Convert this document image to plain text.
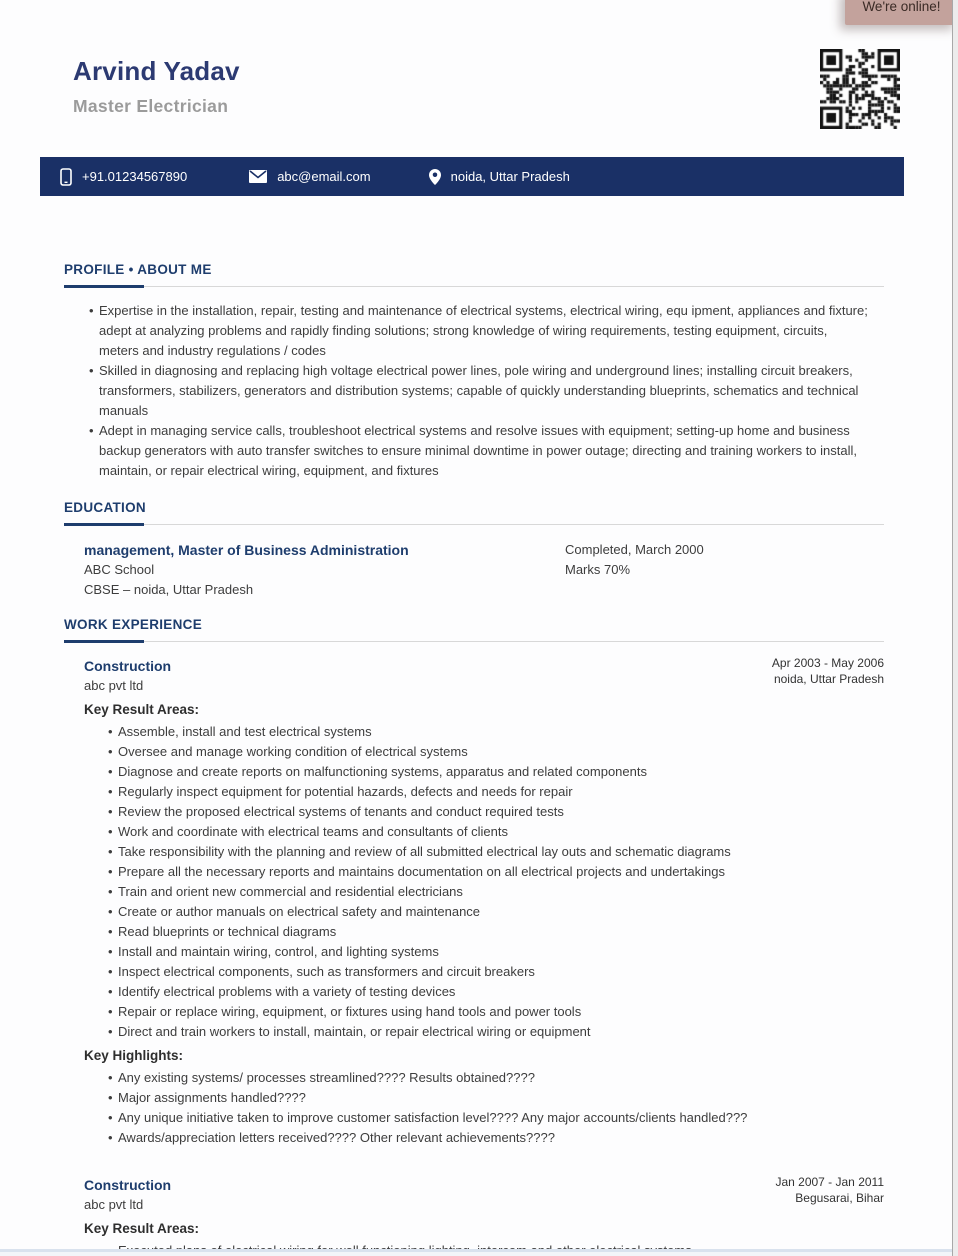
We're online!
Arvind Yadav
Master Electrician
+91.01234567890	abc@email.com	noida, Uttar Pradesh
PROFILE • ABOUT ME
• Expertise in the installation, repair, testing and maintenance of electrical systems, electrical wiring, equ ipment, appliances and fixture; adept at analyzing problems and rapidly finding solutions; strong knowledge of wiring requirements, testing equipment, circuits, meters and industry regulations / codes
• Skilled in diagnosing and replacing high voltage electrical power lines, pole wiring and underground lines; installing circuit breakers, transformers, stabilizers, generators and distribution systems; capable of quickly understanding blueprints, schematics and technical manuals
• Adept in managing service calls, troubleshoot electrical systems and resolve issues with equipment; setting-up home and business backup generators with auto transfer switches to ensure minimal downtime in power outage; directing and training workers to install, maintain, or repair electrical wiring, equipment, and fixtures
EDUCATION
management, Master of Business Administration
ABC School
CBSE – noida, Uttar Pradesh
Completed, March 2000
Marks 70%
WORK EXPERIENCE
Construction
abc pvt ltd
Apr 2003 - May 2006
noida, Uttar Pradesh
Key Result Areas:
• Assemble, install and test electrical systems
• Oversee and manage working condition of electrical systems
• Diagnose and create reports on malfunctioning systems, apparatus and related components
• Regularly inspect equipment for potential hazards, defects and needs for repair
• Review the proposed electrical systems of tenants and conduct required tests
• Work and coordinate with electrical teams and consultants of clients
• Take responsibility with the planning and review of all submitted electrical lay outs and schematic diagrams
• Prepare all the necessary reports and maintains documentation on all electrical projects and undertakings
• Train and orient new commercial and residential electricians
• Create or author manuals on electrical safety and maintenance
• Read blueprints or technical diagrams
• Install and maintain wiring, control, and lighting systems
• Inspect electrical components, such as transformers and circuit breakers
• Identify electrical problems with a variety of testing devices
• Repair or replace wiring, equipment, or fixtures using hand tools and power tools
• Direct and train workers to install, maintain, or repair electrical wiring or equipment
Key Highlights:
• Any existing systems/ processes streamlined???? Results obtained????
• Major assignments handled????
• Any unique initiative taken to improve customer satisfaction level???? Any major accounts/clients handled???
• Awards/appreciation letters received???? Other relevant achievements????
Construction
abc pvt ltd
Jan 2007 - Jan 2011
Begusarai, Bihar
Key Result Areas:
•
